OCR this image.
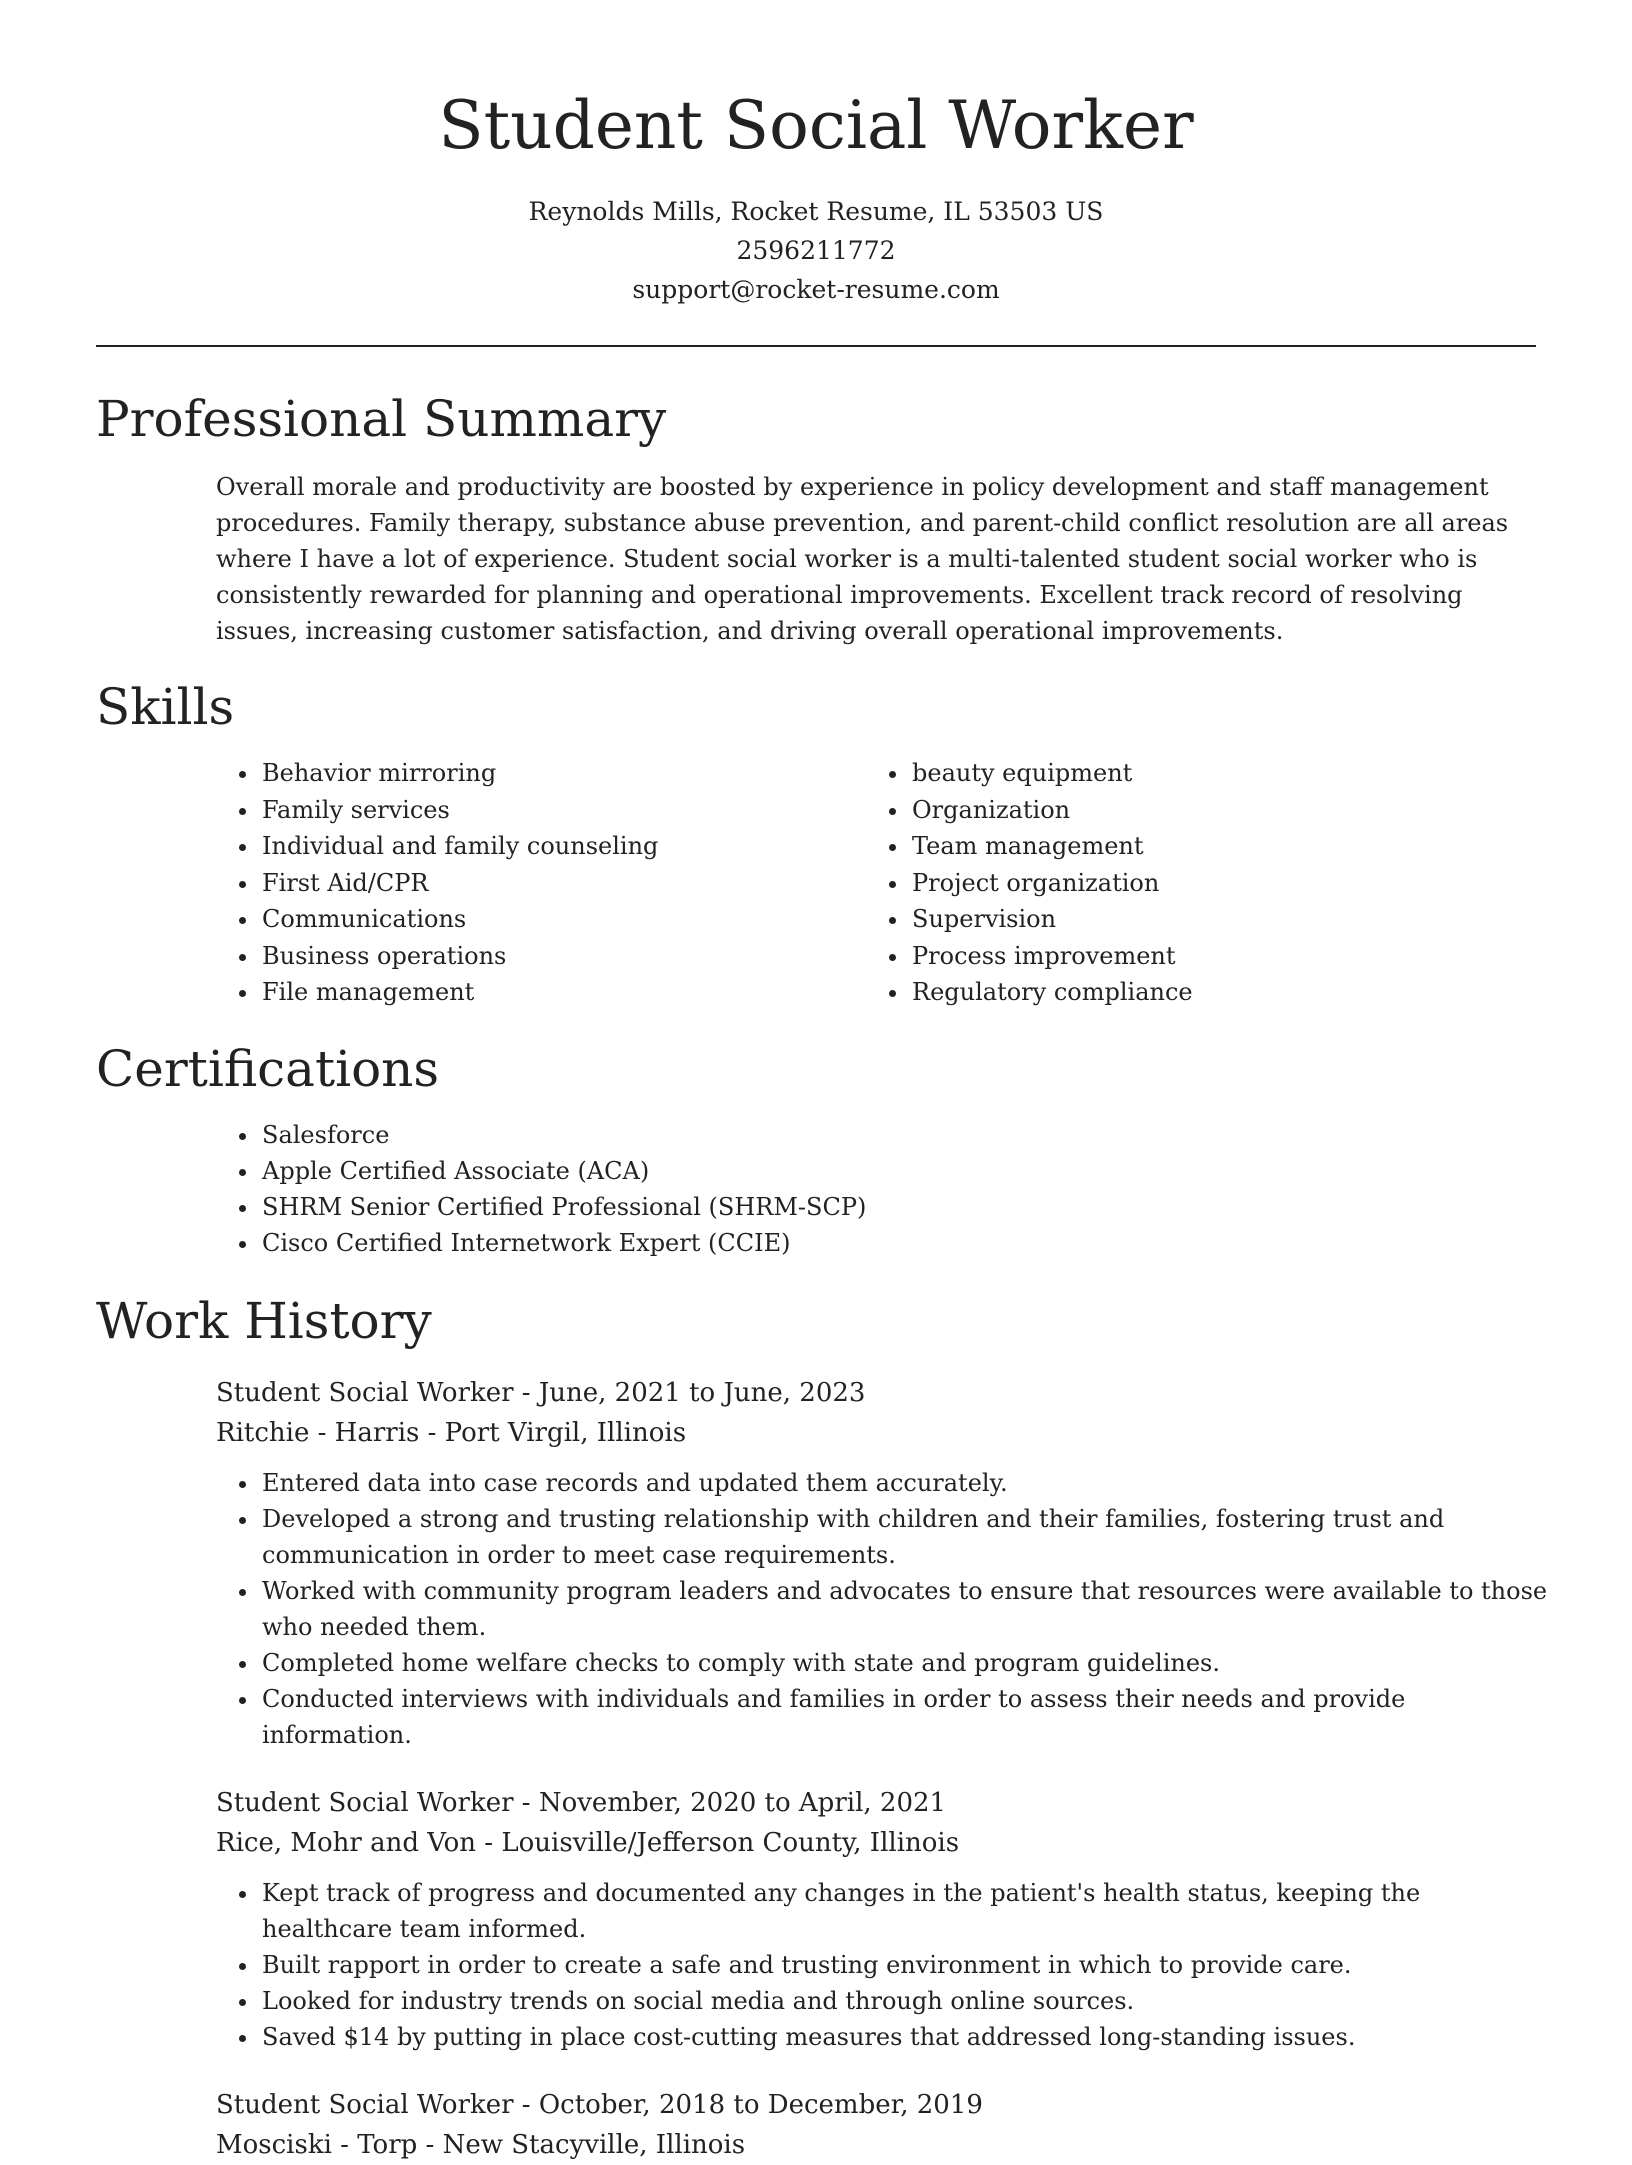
Student Social Worker
Reynolds Mills, Rocket Resume, IL 53503 US
2596211772
support@rocket-resume.com
Professional Summary
Overall morale and productivity are boosted by experience in policy development and staff management procedures. Family therapy, substance abuse prevention, and parent-child conflict resolution are all areas where I have a lot of experience. Student social worker is a multi-talented student social worker who is consistently rewarded for planning and operational improvements. Excellent track record of resolving issues, increasing customer satisfaction, and driving overall operational improvements.
Skills
• Behavior mirroring
• Family services
• Individual and family counseling
• First Aid/CPR
• Communications
• Business operations
• File management
• beauty equipment
• Organization
• Team management
• Project organization
• Supervision
• Process improvement
• Regulatory compliance
Certifications
• Salesforce
• Apple Certified Associate (ACA)
• SHRM Senior Certified Professional (SHRM-SCP)
• Cisco Certified Internetwork Expert (CCIE)
Work History
Student Social Worker - June, 2021 to June, 2023
Ritchie - Harris - Port Virgil, Illinois
• Entered data into case records and updated them accurately.
• Developed a strong and trusting relationship with children and their families, fostering trust and communication in order to meet case requirements.
• Worked with community program leaders and advocates to ensure that resources were available to those who needed them.
• Completed home welfare checks to comply with state and program guidelines.
• Conducted interviews with individuals and families in order to assess their needs and provide information.
Student Social Worker - November, 2020 to April, 2021
Rice, Mohr and Von - Louisville/Jefferson County, Illinois
• Kept track of progress and documented any changes in the patient's health status, keeping the healthcare team informed.
• Built rapport in order to create a safe and trusting environment in which to provide care.
• Looked for industry trends on social media and through online sources.
• Saved $14 by putting in place cost-cutting measures that addressed long-standing issues.
Student Social Worker - October, 2018 to December, 2019
Mosciski - Torp - New Stacyville, Illinois
